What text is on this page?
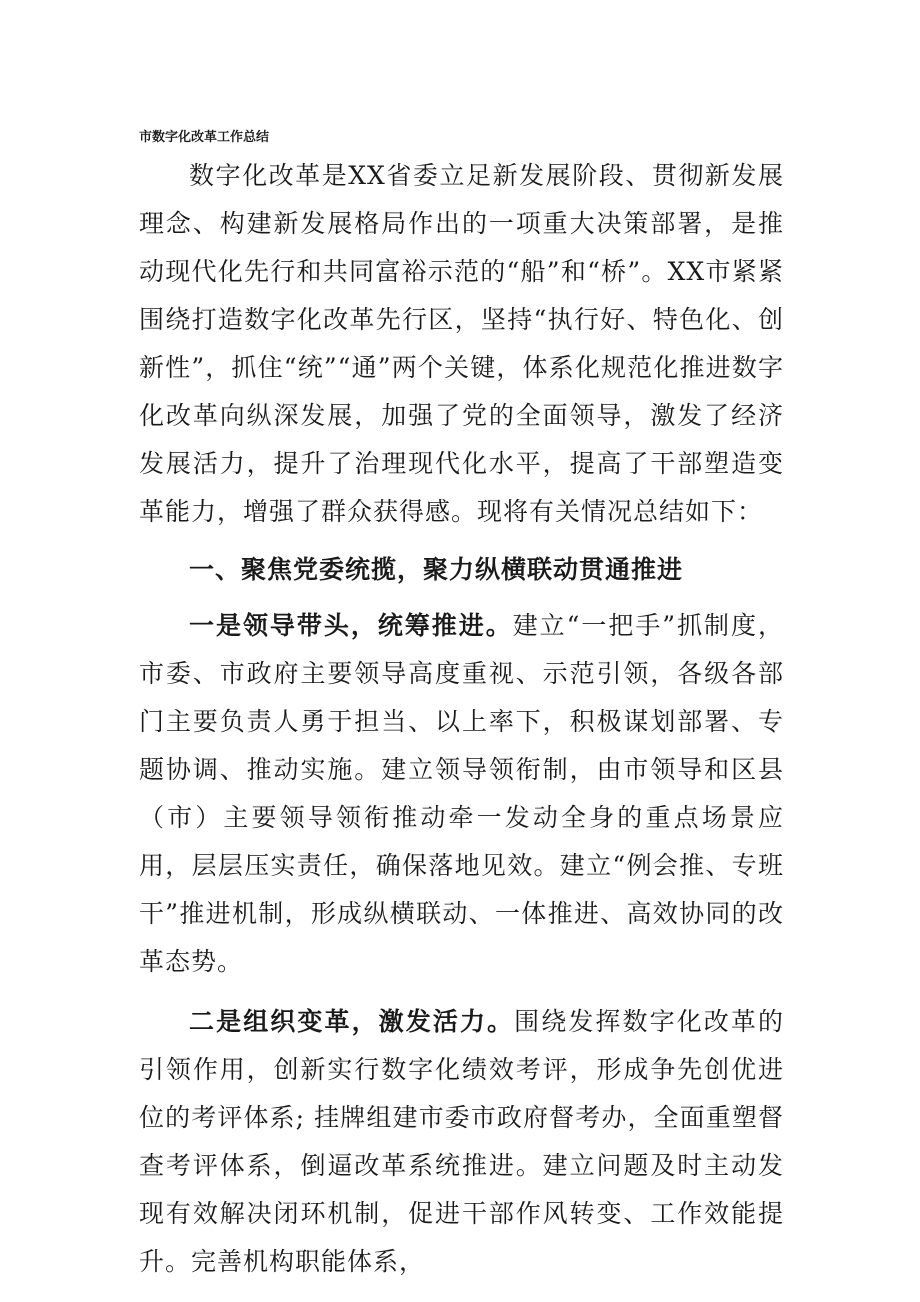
市数字化改革工作总结

数字化改革是XX省委立足新发展阶段、贯彻新发展理念、构建新发展格局作出的一项重大决策部署，是推动现代化先行和共同富裕示范的“船”和“桥”。XX市紧紧围绕打造数字化改革先行区，坚持“执行好、特色化、创新性”，抓住“统”“通”两个关键，体系化规范化推进数字化改革向纵深发展，加强了党的全面领导，激发了经济发展活力，提升了治理现代化水平，提高了干部塑造变革能力，增强了群众获得感。现将有关情况总结如下：

一、聚焦党委统揽，聚力纵横联动贯通推进

一是领导带头，统筹推进。建立“一把手”抓制度，市委、市政府主要领导高度重视、示范引领，各级各部门主要负责人勇于担当、以上率下，积极谋划部署、专题协调、推动实施。建立领导领衔制，由市领导和区县（市）主要领导领衔推动牵一发动全身的重点场景应用，层层压实责任，确保落地见效。建立“例会推、专班干”推进机制，形成纵横联动、一体推进、高效协同的改革态势。

二是组织变革，激发活力。围绕发挥数字化改革的引领作用，创新实行数字化绩效考评，形成争先创优进位的考评体系; 挂牌组建市委市政府督考办，全面重塑督查考评体系，倒逼改革系统推进。建立问题及时主动发现有效解决闭环机制，促进干部作风转变、工作效能提升。完善机构职能体系，
